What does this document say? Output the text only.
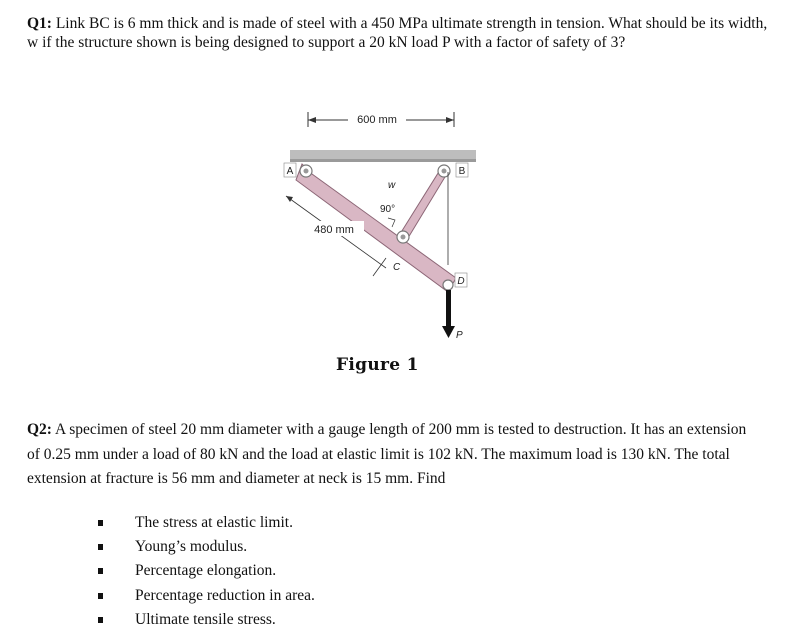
Q1: Link BC is 6 mm thick and is made of steel with a 450 MPa ultimate strength in tension. What should be its width, w if the structure shown is being designed to support a 20 kN load P with a factor of safety of 3?
600 mm
A	B
480 mm
C
w
90°
D
P
Figure 1
Q2: A specimen of steel 20 mm diameter with a gauge length of 200 mm is tested to destruction. It has an extension of 0.25 mm under a load of 80 kN and the load at elastic limit is 102 kN. The maximum load is 130 kN. The total extension at fracture is 56 mm and diameter at neck is 15 mm. Find
The stress at elastic limit.
Young’s modulus.
Percentage elongation.
Percentage reduction in area.
Ultimate tensile stress.
